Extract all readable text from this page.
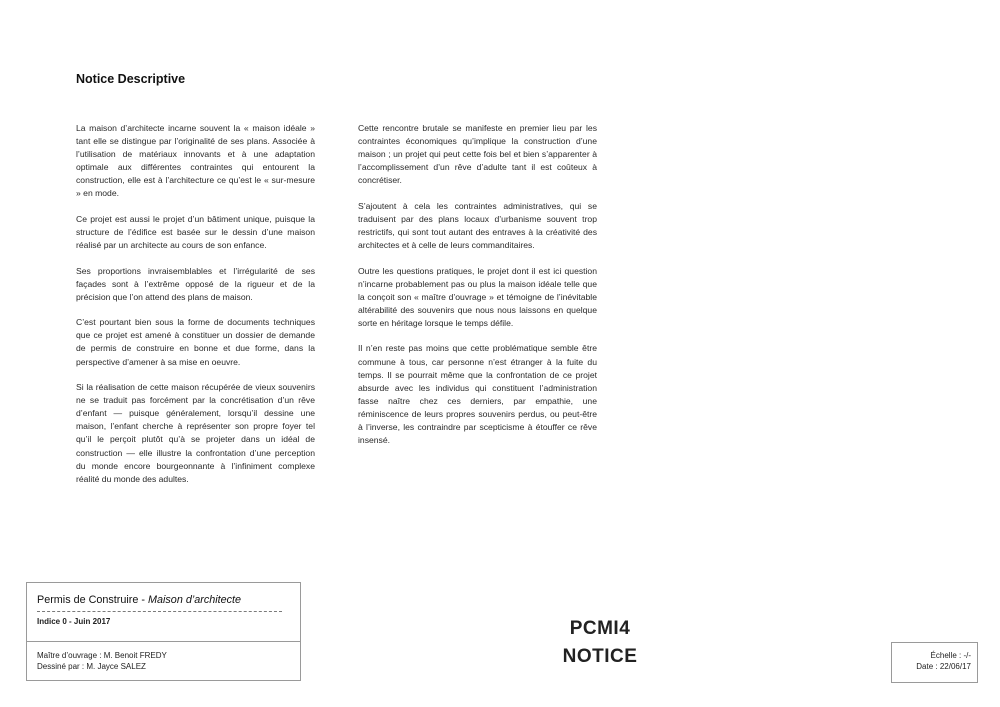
Notice Descriptive

La maison d’architecte incarne souvent la « maison idéale » tant elle se distingue par l’originalité de ses plans. Associée à l’utilisation de matériaux innovants et à une adaptation optimale aux différentes contraintes qui entourent la construction, elle est à l’architecture ce qu’est le « sur-mesure » en mode.

Ce projet est aussi le projet d’un bâtiment unique, puisque la structure de l’édifice est basée sur le dessin d’une maison réalisé par un architecte au cours de son enfance.

Ses proportions invraisemblables et l’irrégularité de ses façades sont à l’extrême opposé de la rigueur et de la précision que l’on attend des plans de maison.

C’est pourtant bien sous la forme de documents techniques que ce projet est amené à constituer un dossier de demande de permis de construire en bonne et due forme, dans la perspective d’amener à sa mise en oeuvre.

Si la réalisation de cette maison récupérée de vieux souvenirs ne se traduit pas forcément par la concrétisation d’un rêve d’enfant — puisque généralement, lorsqu’il dessine une maison, l’enfant cherche à représenter son propre foyer tel qu’il le perçoit plutôt qu’à se projeter dans un idéal de construction — elle illustre la confrontation d’une perception du monde encore bourgeonnante à l’infiniment complexe réalité du monde des adultes.

Cette rencontre brutale se manifeste en premier lieu par les contraintes économiques qu’implique la construction d’une maison ; un projet qui peut cette fois bel et bien s’apparenter à l’accomplissement d’un rêve d’adulte tant il est coûteux à concrétiser.

S’ajoutent à cela les contraintes administratives, qui se traduisent par des plans locaux d’urbanisme souvent trop restrictifs, qui sont tout autant des entraves à la créativité des architectes et à celle de leurs commanditaires.

Outre les questions pratiques, le projet dont il est ici question n’incarne probablement pas ou plus la maison idéale telle que la conçoit son « maître d’ouvrage » et témoigne de l’inévitable altérabilité des souvenirs que nous nous laissons en quelque sorte en héritage lorsque le temps défile.

Il n’en reste pas moins que cette problématique semble être commune à tous, car personne n’est étranger à la fuite du temps. Il se pourrait même que la confrontation de ce projet absurde avec les individus qui constituent l’administration fasse naître chez ces derniers, par empathie, une réminiscence de leurs propres souvenirs perdus, ou peut-être à l’inverse, les contraindre par scepticisme à étouffer ce rêve insensé.

Permis de Construire - Maison d’architecte
Indice 0 - Juin 2017
Maître d’ouvrage : M. Benoit FREDY
Dessiné par : M. Jayce SALEZ
PCMI4
NOTICE	Échelle : -/-
Date : 22/06/17
